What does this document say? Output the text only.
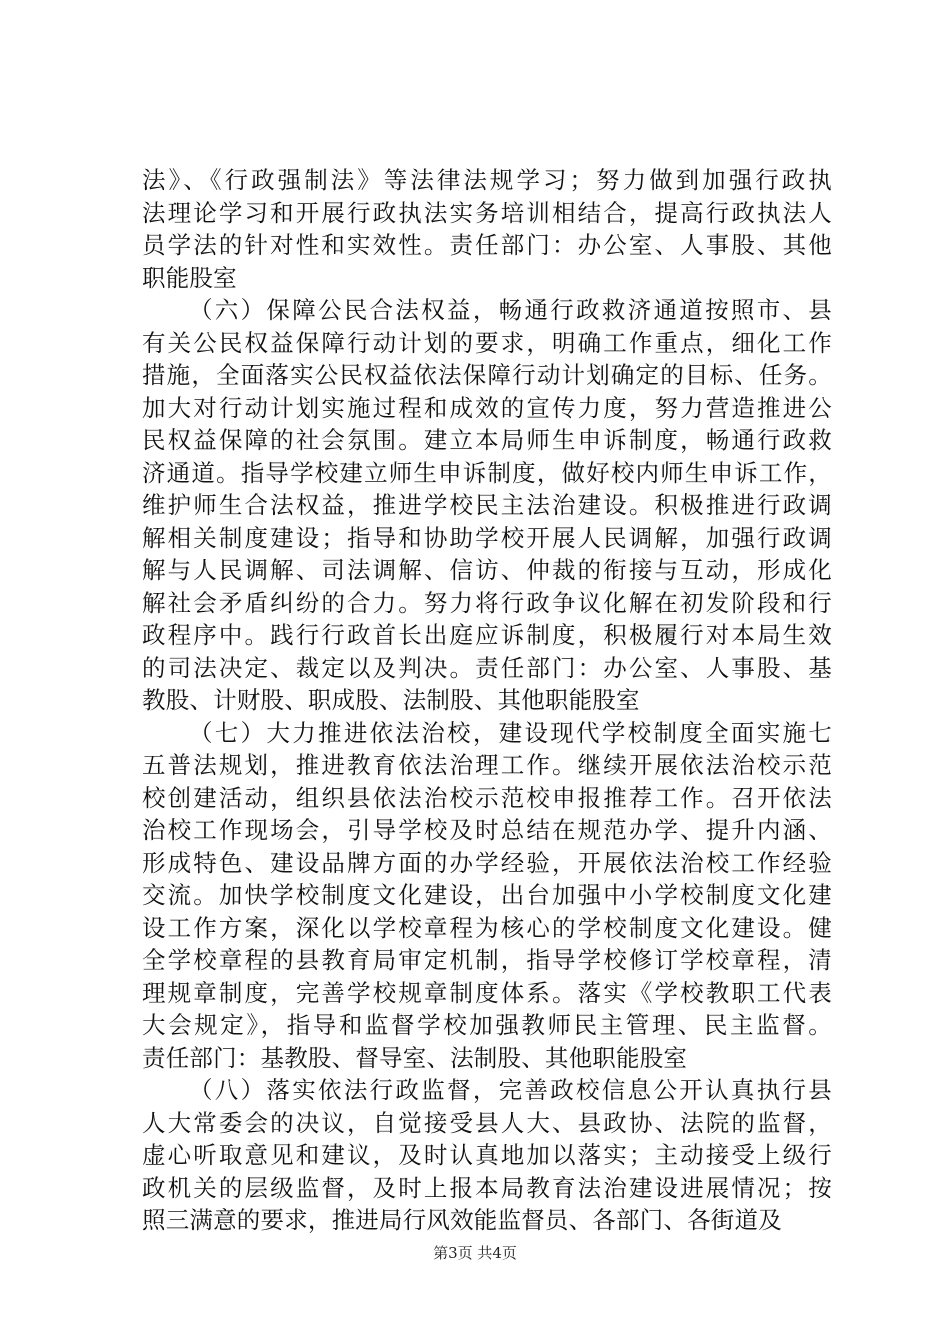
法》、《行政强制法》等法律法规学习；努力做到加强行政执
法理论学习和开展行政执法实务培训相结合，提高行政执法人
员学法的针对性和实效性。责任部门：办公室、人事股、其他
职能股室
（六）保障公民合法权益，畅通行政救济通道按照市、县
有关公民权益保障行动计划的要求，明确工作重点，细化工作
措施，全面落实公民权益依法保障行动计划确定的目标、任务。
加大对行动计划实施过程和成效的宣传力度，努力营造推进公
民权益保障的社会氛围。建立本局师生申诉制度，畅通行政救
济通道。指导学校建立师生申诉制度，做好校内师生申诉工作，
维护师生合法权益，推进学校民主法治建设。积极推进行政调
解相关制度建设；指导和协助学校开展人民调解，加强行政调
解与人民调解、司法调解、信访、仲裁的衔接与互动，形成化
解社会矛盾纠纷的合力。努力将行政争议化解在初发阶段和行
政程序中。践行行政首长出庭应诉制度，积极履行对本局生效
的司法决定、裁定以及判决。责任部门：办公室、人事股、基
教股、计财股、职成股、法制股、其他职能股室
（七）大力推进依法治校，建设现代学校制度全面实施七
五普法规划，推进教育依法治理工作。继续开展依法治校示范
校创建活动，组织县依法治校示范校申报推荐工作。召开依法
治校工作现场会，引导学校及时总结在规范办学、提升内涵、
形成特色、建设品牌方面的办学经验，开展依法治校工作经验
交流。加快学校制度文化建设，出台加强中小学校制度文化建
设工作方案，深化以学校章程为核心的学校制度文化建设。健
全学校章程的县教育局审定机制，指导学校修订学校章程，清
理规章制度，完善学校规章制度体系。落实《学校教职工代表
大会规定》，指导和监督学校加强教师民主管理、民主监督。
责任部门：基教股、督导室、法制股、其他职能股室
（八）落实依法行政监督，完善政校信息公开认真执行县
人大常委会的决议，自觉接受县人大、县政协、法院的监督，
虚心听取意见和建议，及时认真地加以落实；主动接受上级行
政机关的层级监督，及时上报本局教育法治建设进展情况；按
照三满意的要求，推进局行风效能监督员、各部门、各街道及
第3页 共4页
